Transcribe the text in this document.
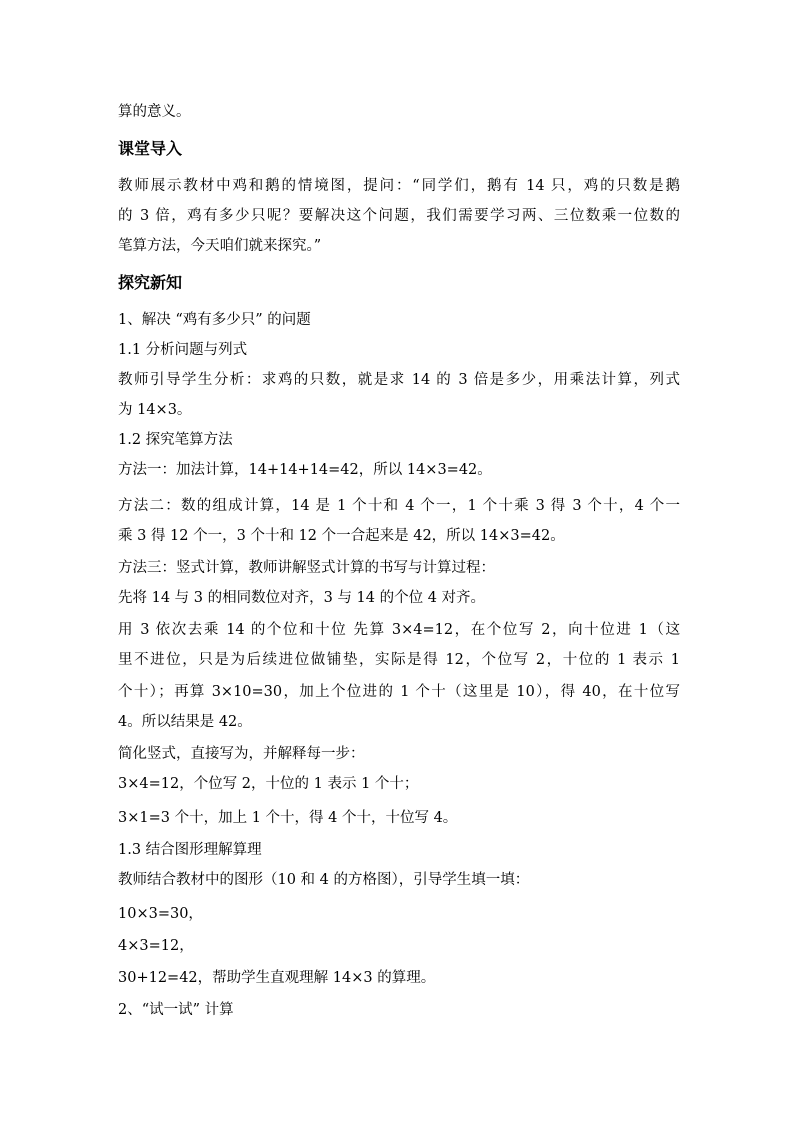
算的意义。
课堂导入
教师展示教材中鸡和鹅的情境图，提问：“同学们，鹅有 14 只，鸡的只数是鹅
的 3 倍，鸡有多少只呢？要解决这个问题，我们需要学习两、三位数乘一位数的
笔算方法，今天咱们就来探究。”
探究新知
1、解决 “鸡有多少只” 的问题
1.1 分析问题与列式
教师引导学生分析：求鸡的只数，就是求 14 的 3 倍是多少，用乘法计算，列式
为 14×3。
1.2 探究笔算方法
方法一：加法计算，14+14+14=42，所以 14×3=42。
方法二：数的组成计算，14 是 1 个十和 4 个一，1 个十乘 3 得 3 个十，4 个一
乘 3 得 12 个一，3 个十和 12 个一合起来是 42，所以 14×3=42。
方法三：竖式计算，教师讲解竖式计算的书写与计算过程：
先将 14 与 3 的相同数位对齐，3 与 14 的个位 4 对齐。
用 3 依次去乘 14 的个位和十位 先算 3×4=12，在个位写 2，向十位进 1（这
里不进位，只是为后续进位做铺垫，实际是得 12，个位写 2，十位的 1 表示 1
个十）；再算 3×10=30，加上个位进的 1 个十（这里是 10），得 40，在十位写
4。所以结果是 42。
简化竖式，直接写为，并解释每一步：
3×4=12，个位写 2，十位的 1 表示 1 个十；
3×1=3 个十，加上 1 个十，得 4 个十，十位写 4。
1.3 结合图形理解算理
教师结合教材中的图形（10 和 4 的方格图），引导学生填一填：
10×3=30，
4×3=12，
30+12=42，帮助学生直观理解 14×3 的算理。
2、“试一试” 计算
